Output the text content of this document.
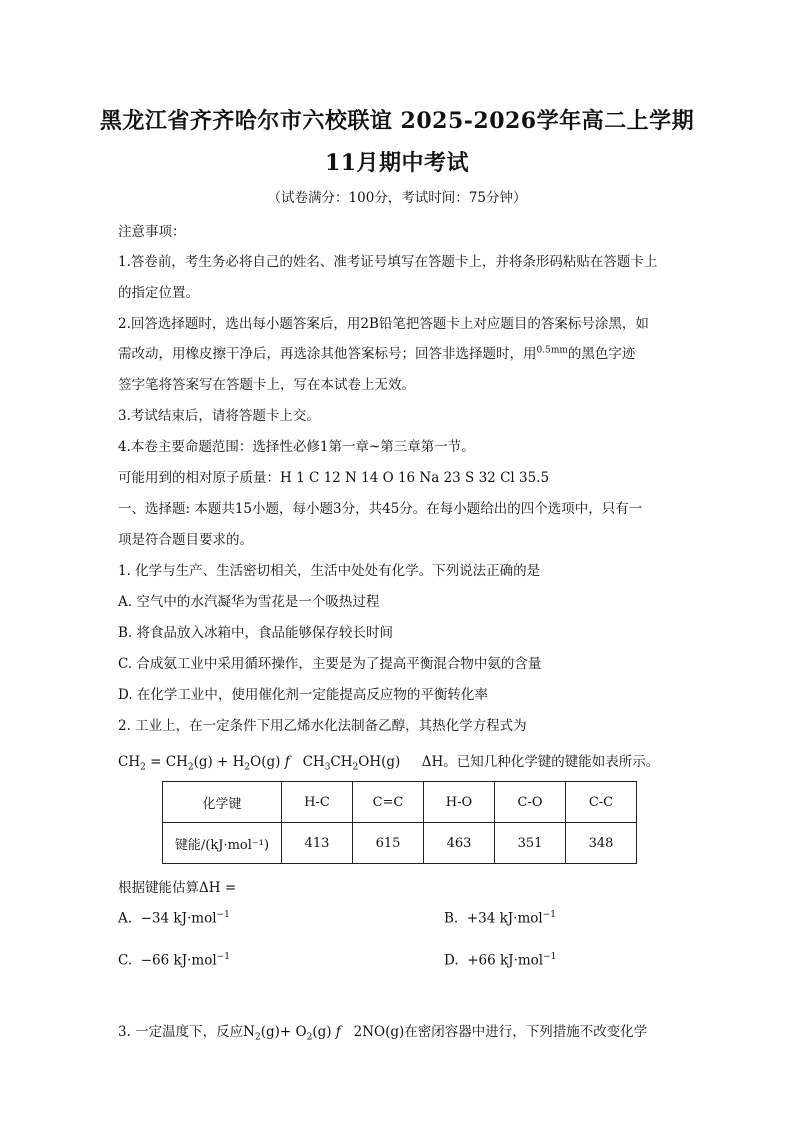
黑龙江省齐齐哈尔市六校联谊 2025-2026学年高二上学期
11月期中考试
（试卷满分：100分，考试时间：75分钟）
注意事项：
1.答卷前，考生务必将自己的姓名、准考证号填写在答题卡上，并将条形码粘贴在答题卡上
的指定位置。
2.回答选择题时，选出每小题答案后，用2B铅笔把答题卡上对应题目的答案标号涂黑，如
需改动，用橡皮擦干净后，再选涂其他答案标号；回答非选择题时，用$^{0.5mm}$的黑色字迹
签字笔将答案写在答题卡上，写在本试卷上无效。
3.考试结束后，请将答题卡上交。
4.本卷主要命题范围：选择性必修1第一章~第三章第一节。
可能用到的相对原子质量：H 1 C 12 N 14 O 16 Na 23 S 32 Cl 35.5
一、选择题: 本题共15小题，每小题3分，共45分。在每小题给出的四个选项中，只有一
项是符合题目要求的。
1. 化学与生产、生活密切相关，生活中处处有化学。下列说法正确的是
A. 空气中的水汽凝华为雪花是一个吸热过程
B. 将食品放入冰箱中，食品能够保存较长时间
C. 合成氨工业中采用循环操作，主要是为了提高平衡混合物中氨的含量
D. 在化学工业中，使用催化剂一定能提高反应物的平衡转化率
2. 工业上，在一定条件下用乙烯水化法制备乙醇，其热化学方程式为
$CH_2 = CH_2(g) + H_2O(g)$ f   $CH_3CH_2OH(g)$     ΔH。已知几种化学键的键能如表所示。
化学键	H-C	C=C	H-O	C-O	C-C
键能/(kJ·mol⁻¹)	413	615	463	351	348
根据键能估算ΔH =
A.  −34 kJ·mol$^{-1}$	B.  +34 kJ·mol$^{-1}$
C.  −66 kJ·mol$^{-1}$	D.  +66 kJ·mol$^{-1}$
3. 一定温度下，反应$N_2(g)+ O_2(g)$ f   2NO(g)在密闭容器中进行，下列措施不改变化学
